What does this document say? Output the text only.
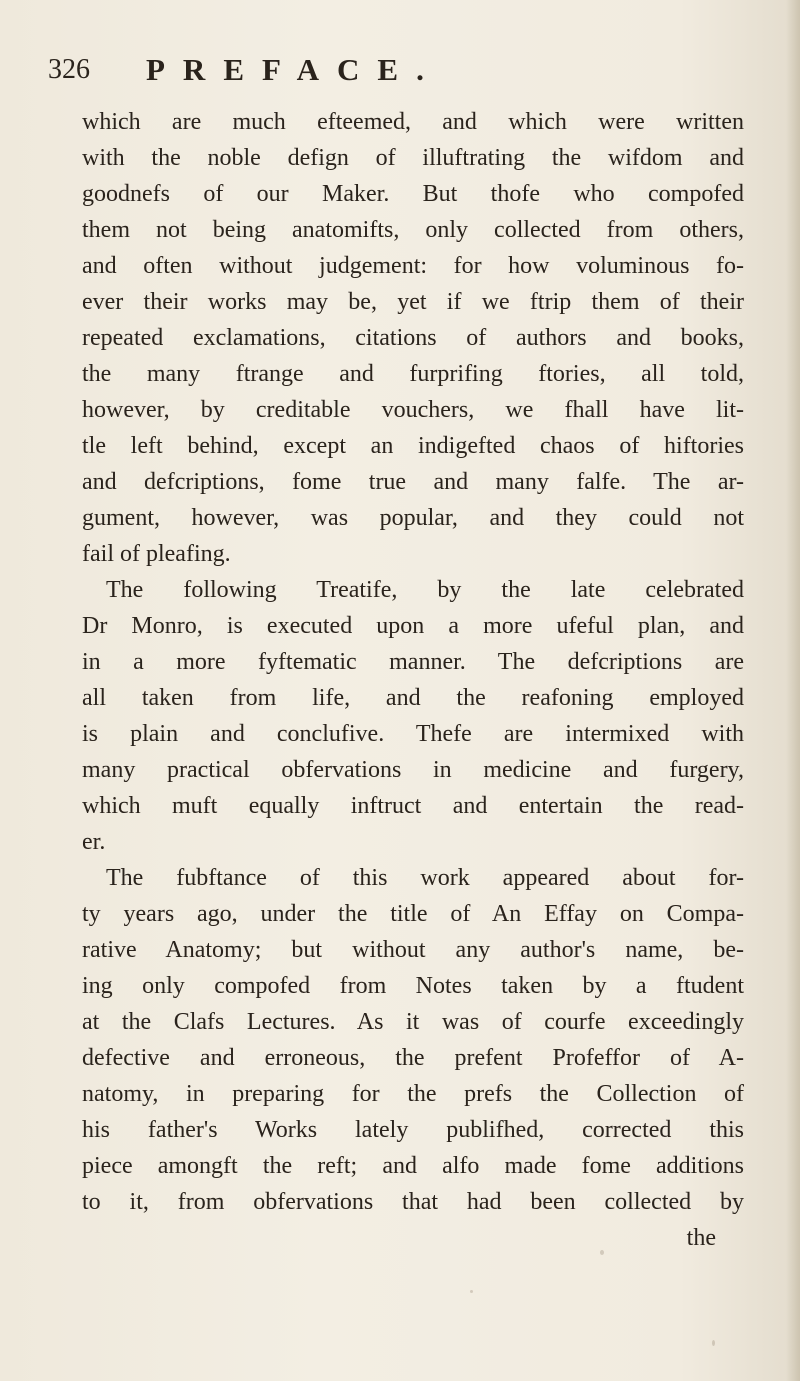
326 PREFACE.
which are much efteemed, and which were written
with the noble defign of illuftrating the wifdom and
goodnefs of our Maker. But thofe who compofed
them not being anatomifts, only collected from others,
and often without judgement: for how voluminous fo-
ever their works may be, yet if we ftrip them of their
repeated exclamations, citations of authors and books,
the many ftrange and furprifing ftories, all told,
however, by creditable vouchers, we fhall have lit-
tle left behind, except an indigefted chaos of hiftories
and defcriptions, fome true and many falfe. The ar-
gument, however, was popular, and they could not
fail of pleafing.
The following Treatife, by the late celebrated
Dr Monro, is executed upon a more ufeful plan, and
in a more fyftematic manner. The defcriptions are
all taken from life, and the reafoning employed
is plain and conclufive. Thefe are intermixed with
many practical obfervations in medicine and furgery,
which muft equally inftruct and entertain the read-
er.
The fubftance of this work appeared about for-
ty years ago, under the title of An Effay on Compa-
rative Anatomy; but without any author's name, be-
ing only compofed from Notes taken by a ftudent
at the Clafs Lectures. As it was of courfe exceedingly
defective and erroneous, the prefent Profeffor of A-
natomy, in preparing for the prefs the Collection of
his father's Works lately publifhed, corrected this
piece amongft the reft; and alfo made fome additions
to it, from obfervations that had been collected by
the
